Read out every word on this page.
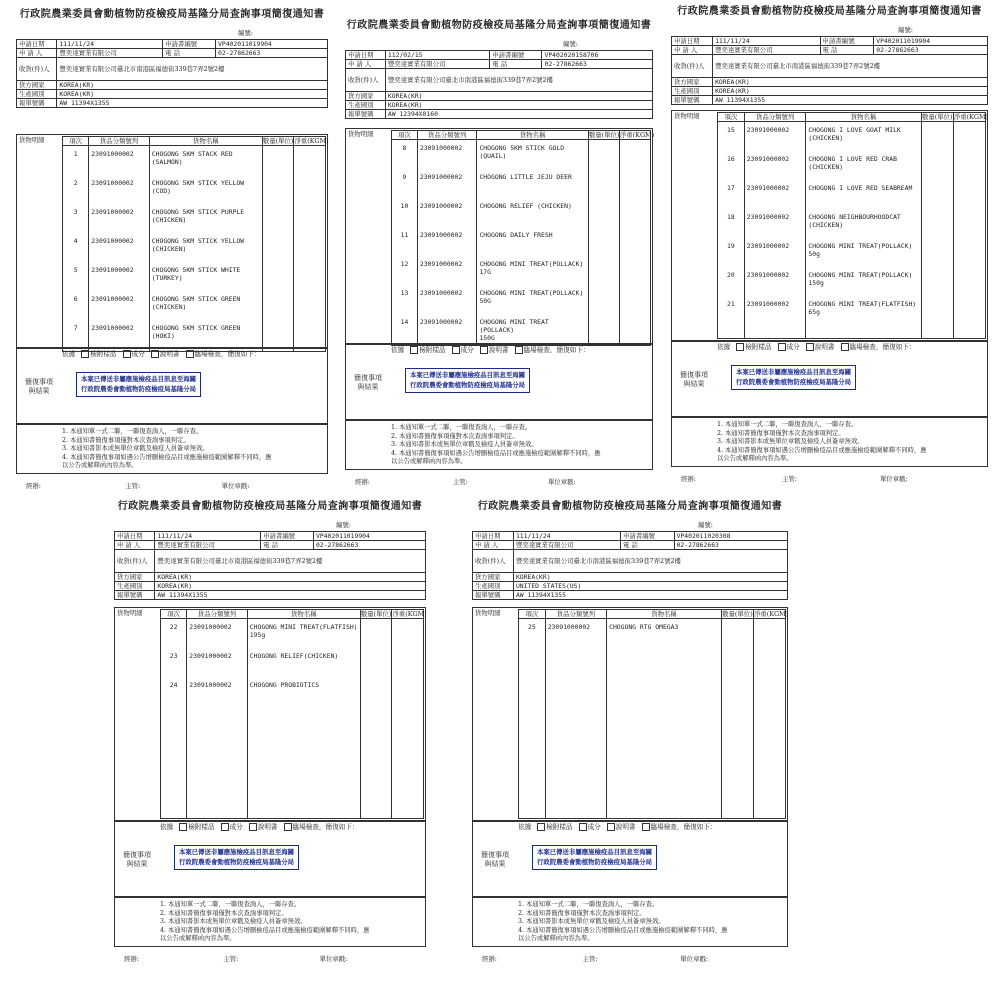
行政院農業委員會動植物防疫檢疫局基隆分局查詢事項簡復通知書
編號:
申請日期	111/11/24	申請書編號	VP402011019904
申 請 人	豐奕達實業有限公司	電 話	02-27862663
收貨(件)人	豐奕達實業有限公司臺北市南港區福德街339巷7弄2號2樓		
貨方國家	KOREA(KR)		
生產國別	KOREA(KR)		
報單號碼	AW 11394X1355		
貨物明細	項次	貨品分類號列	貨物名稱	數量(單位)	淨重(KGM)
1	23091000002	CHOGONG 5KM STACK RED
(SALMON)		

2	23091000002	CHOGONG 5KM STICK YELLOW
(COD)		

3	23091000002	CHOGONG 5KM STICK PURPLE
(CHICKEN)		

4	23091000002	CHOGONG 5KM STICK YELLOW
(CHICKEN)		

5	23091000002	CHOGONG 5KM STICK WHITE
(TURKEY)		

6	23091000002	CHOGONG 5KM STICK GREEN
(CHICKEN)		

7	23091000002	CHOGONG 5KM STICK GREEN
(HOKI)		

依據 檢附樣品 成分 說明書 臨場檢查，簡復如下：
簡復事項
與結果
本案已傳送非屬應施檢疫品目訊息至海關
行政院農委會動植物防疫檢疫局基隆分局
1. 本通知單一式二聯，一聯復查詢人，一聯存查。
2. 本通知書簡復事項僅對本次查詢事項判定。
3. 本通知書影本或無單位章戳及檢疫人員簽章無效。
4. 本通知書簡復事項如遇公告增刪檢疫品目或應施檢疫範圍解釋不同時，應
以公告或解釋函內容為準。
經辦:	主管:	單位章戳:
行政院農業委員會動植物防疫檢疫局基隆分局查詢事項簡復通知書
編號:
申請日期	112/02/15	申請書編號	VP402020158706
申 請 人	豐奕達實業有限公司	電 話	02-27862663
收貨(件)人	豐奕達實業有限公司臺北市南港區福德街339巷7弄2號2樓		
貨方國家	KOREA(KR)		
生產國別	KOREA(KR)		
報單號碼	AW 12394X0160		
貨物明細	項次	貨品分類號列	貨物名稱	數量(單位)	淨重(KGM)
8	23091000002	CHOGONG 5KM STICK GOLD
(QUAIL)		

9	23091000002	CHOGONG LITTLE JEJU DEER		

10	23091000002	CHOGONG RELIEF (CHICKEN)		

11	23091000002	CHOGONG DAILY FRESH		

12	23091000002	CHOGONG MINI TREAT(POLLACK)
17G		

13	23091000002	CHOGONG MINI TREAT(POLLACK)
50G		

14	23091000002	CHOGONG MINI TREAT (POLLACK)
150G		

依據 檢附樣品 成分 說明書 臨場檢查，簡復如下：
簡復事項
與結果
本案已傳送非屬應施檢疫品目訊息至海關
行政院農委會動植物防疫檢疫局基隆分局
1. 本通知單一式二聯，一聯復查詢人，一聯存查。
2. 本通知書簡復事項僅對本次查詢事項判定。
3. 本通知書影本或無單位章戳及檢疫人員簽章無效。
4. 本通知書簡復事項如遇公告增刪檢疫品目或應施檢疫範圍解釋不同時，應
以公告或解釋函內容為準。
經辦:	主管:	單位章戳:
行政院農業委員會動植物防疫檢疫局基隆分局查詢事項簡復通知書
編號:
申請日期	111/11/24	申請書編號	VP402011019904
申 請 人	豐奕達實業有限公司	電 話	02-27862663
收貨(件)人	豐奕達實業有限公司臺北市南港區福德街339巷7弄2號2樓		
貨方國家	KOREA(KR)		
生產國別	KOREA(KR)		
報單號碼	AW 11394X1355		
貨物明細	項次	貨品分類號列	貨物名稱	數量(單位)	淨重(KGM)
15	23091000002	CHOGONG I LOVE GOAT MILK
(CHICKEN)		

16	23091000002	CHOGONG I LOVE RED CRAB
(CHICKEN)		

17	23091000002	CHOGONG I LOVE RED SEABREAM		

18	23091000002	CHOGONG NEIGHBOURHOODCAT
(CHICKEN)		

19	23091000002	CHOGONG MINI TREAT(POLLACK)
50g		

20	23091000002	CHOGONG MINI TREAT(POLLACK)
150g		

21	23091000002	CHOGONG MINI TREAT(FLATFISH)
65g		

依據 檢附樣品 成分 說明書 臨場檢查，簡復如下：
簡復事項
與結果
本案已傳送非屬應施檢疫品目訊息至海關
行政院農委會動植物防疫檢疫局基隆分局
1. 本通知單一式二聯，一聯復查詢人，一聯存查。
2. 本通知書簡復事項僅對本次查詢事項判定。
3. 本通知書影本或無單位章戳及檢疫人員簽章無效。
4. 本通知書簡復事項如遇公告增刪檢疫品目或應施檢疫範圍解釋不同時，應
以公告或解釋函內容為準。
經辦:	主管:	單位章戳:
行政院農業委員會動植物防疫檢疫局基隆分局查詢事項簡復通知書
編號:
申請日期	111/11/24	申請書編號	VP402011019904
申 請 人	豐奕達實業有限公司	電 話	02-27862663
收貨(件)人	豐奕達實業有限公司臺北市南港區福德街339巷7弄2號2樓		
貨方國家	KOREA(KR)		
生產國別	KOREA(KR)		
報單號碼	AW 11394X1355		
貨物明細	項次	貨品分類號列	貨物名稱	數量(單位)	淨重(KGM)
22	23091000002	CHOGONG MINI TREAT(FLATFISH)
195g		

23	23091000002	CHOGONG RELIEF(CHICKEN)		

24	23091000002	CHOGONG PROBIOTICS		

依據 檢附樣品 成分 說明書 臨場檢查，簡復如下：
簡復事項
與結果
本案已傳送非屬應施檢疫品目訊息至海關
行政院農委會動植物防疫檢疫局基隆分局
1. 本通知單一式二聯，一聯復查詢人，一聯存查。
2. 本通知書簡復事項僅對本次查詢事項判定。
3. 本通知書影本或無單位章戳及檢疫人員簽章無效。
4. 本通知書簡復事項如遇公告增刪檢疫品目或應施檢疫範圍解釋不同時，應
以公告或解釋函內容為準。
經辦:	主管:	單位章戳:
行政院農業委員會動植物防疫檢疫局基隆分局查詢事項簡復通知書
編號:
申請日期	111/11/24	申請書編號	VP402011020308
申 請 人	豐奕達實業有限公司	電 話	02-27862663
收貨(件)人	豐奕達實業有限公司臺北市南港區福德街339巷7弄2號2樓		
貨方國家	KOREA(KR)		
生產國別	UNITED STATES(US)		
報單號碼	AW 11394X1355		
貨物明細	項次	貨品分類號列	貨物名稱	數量(單位)	淨重(KGM)
25	23091000002	CHOGONG RTG OMEGA3		

依據 檢附樣品 成分 說明書 臨場檢查，簡復如下：
簡復事項
與結果
本案已傳送非屬應施檢疫品目訊息至海關
行政院農委會動植物防疫檢疫局基隆分局
1. 本通知單一式二聯，一聯復查詢人，一聯存查。
2. 本通知書簡復事項僅對本次查詢事項判定。
3. 本通知書影本或無單位章戳及檢疫人員簽章無效。
4. 本通知書簡復事項如遇公告增刪檢疫品目或應施檢疫範圍解釋不同時，應
以公告或解釋函內容為準。
經辦:	主管:	單位章戳:
